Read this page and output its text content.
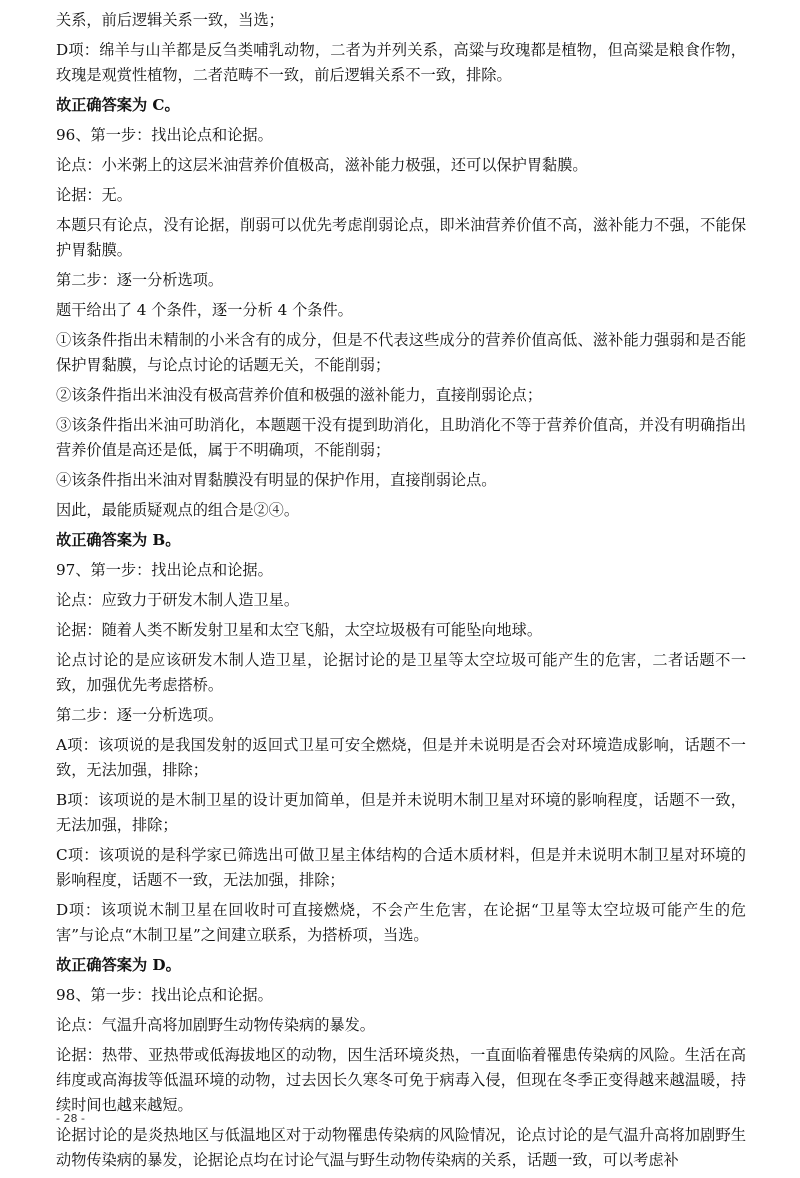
关系，前后逻辑关系一致，当选；

D项：绵羊与山羊都是反刍类哺乳动物，二者为并列关系，高粱与玫瑰都是植物，但高粱是粮食作物，玫瑰是观赏性植物，二者范畴不一致，前后逻辑关系不一致，排除。

故正确答案为 C。

96、第一步：找出论点和论据。

论点：小米粥上的这层米油营养价值极高，滋补能力极强，还可以保护胃黏膜。

论据：无。

本题只有论点，没有论据，削弱可以优先考虑削弱论点，即米油营养价值不高，滋补能力不强，不能保护胃黏膜。

第二步：逐一分析选项。

题干给出了 4 个条件，逐一分析 4 个条件。

①该条件指出未精制的小米含有的成分，但是不代表这些成分的营养价值高低、滋补能力强弱和是否能保护胃黏膜，与论点讨论的话题无关，不能削弱；

②该条件指出米油没有极高营养价值和极强的滋补能力，直接削弱论点；

③该条件指出米油可助消化，本题题干没有提到助消化，且助消化不等于营养价值高，并没有明确指出营养价值是高还是低，属于不明确项，不能削弱；

④该条件指出米油对胃黏膜没有明显的保护作用，直接削弱论点。

因此，最能质疑观点的组合是②④。

故正确答案为 B。

97、第一步：找出论点和论据。

论点：应致力于研发木制人造卫星。

论据：随着人类不断发射卫星和太空飞船，太空垃圾极有可能坠向地球。

论点讨论的是应该研发木制人造卫星，论据讨论的是卫星等太空垃圾可能产生的危害，二者话题不一致，加强优先考虑搭桥。

第二步：逐一分析选项。

A项：该项说的是我国发射的返回式卫星可安全燃烧，但是并未说明是否会对环境造成影响，话题不一致，无法加强，排除；

B项：该项说的是木制卫星的设计更加简单，但是并未说明木制卫星对环境的影响程度，话题不一致，无法加强，排除；

C项：该项说的是科学家已筛选出可做卫星主体结构的合适木质材料，但是并未说明木制卫星对环境的影响程度，话题不一致，无法加强，排除；

D项：该项说木制卫星在回收时可直接燃烧，不会产生危害，在论据“卫星等太空垃圾可能产生的危害”与论点“木制卫星”之间建立联系，为搭桥项，当选。

故正确答案为 D。

98、第一步：找出论点和论据。

论点：气温升高将加剧野生动物传染病的暴发。

论据：热带、亚热带或低海拔地区的动物，因生活环境炎热，一直面临着罹患传染病的风险。生活在高纬度或高海拔等低温环境的动物，过去因长久寒冬可免于病毒入侵，但现在冬季正变得越来越温暖，持续时间也越来越短。

论据讨论的是炎热地区与低温地区对于动物罹患传染病的风险情况，论点讨论的是气温升高将加剧野生动物传染病的暴发，论据论点均在讨论气温与野生动物传染病的关系，话题一致，可以考虑补

- 28 -
